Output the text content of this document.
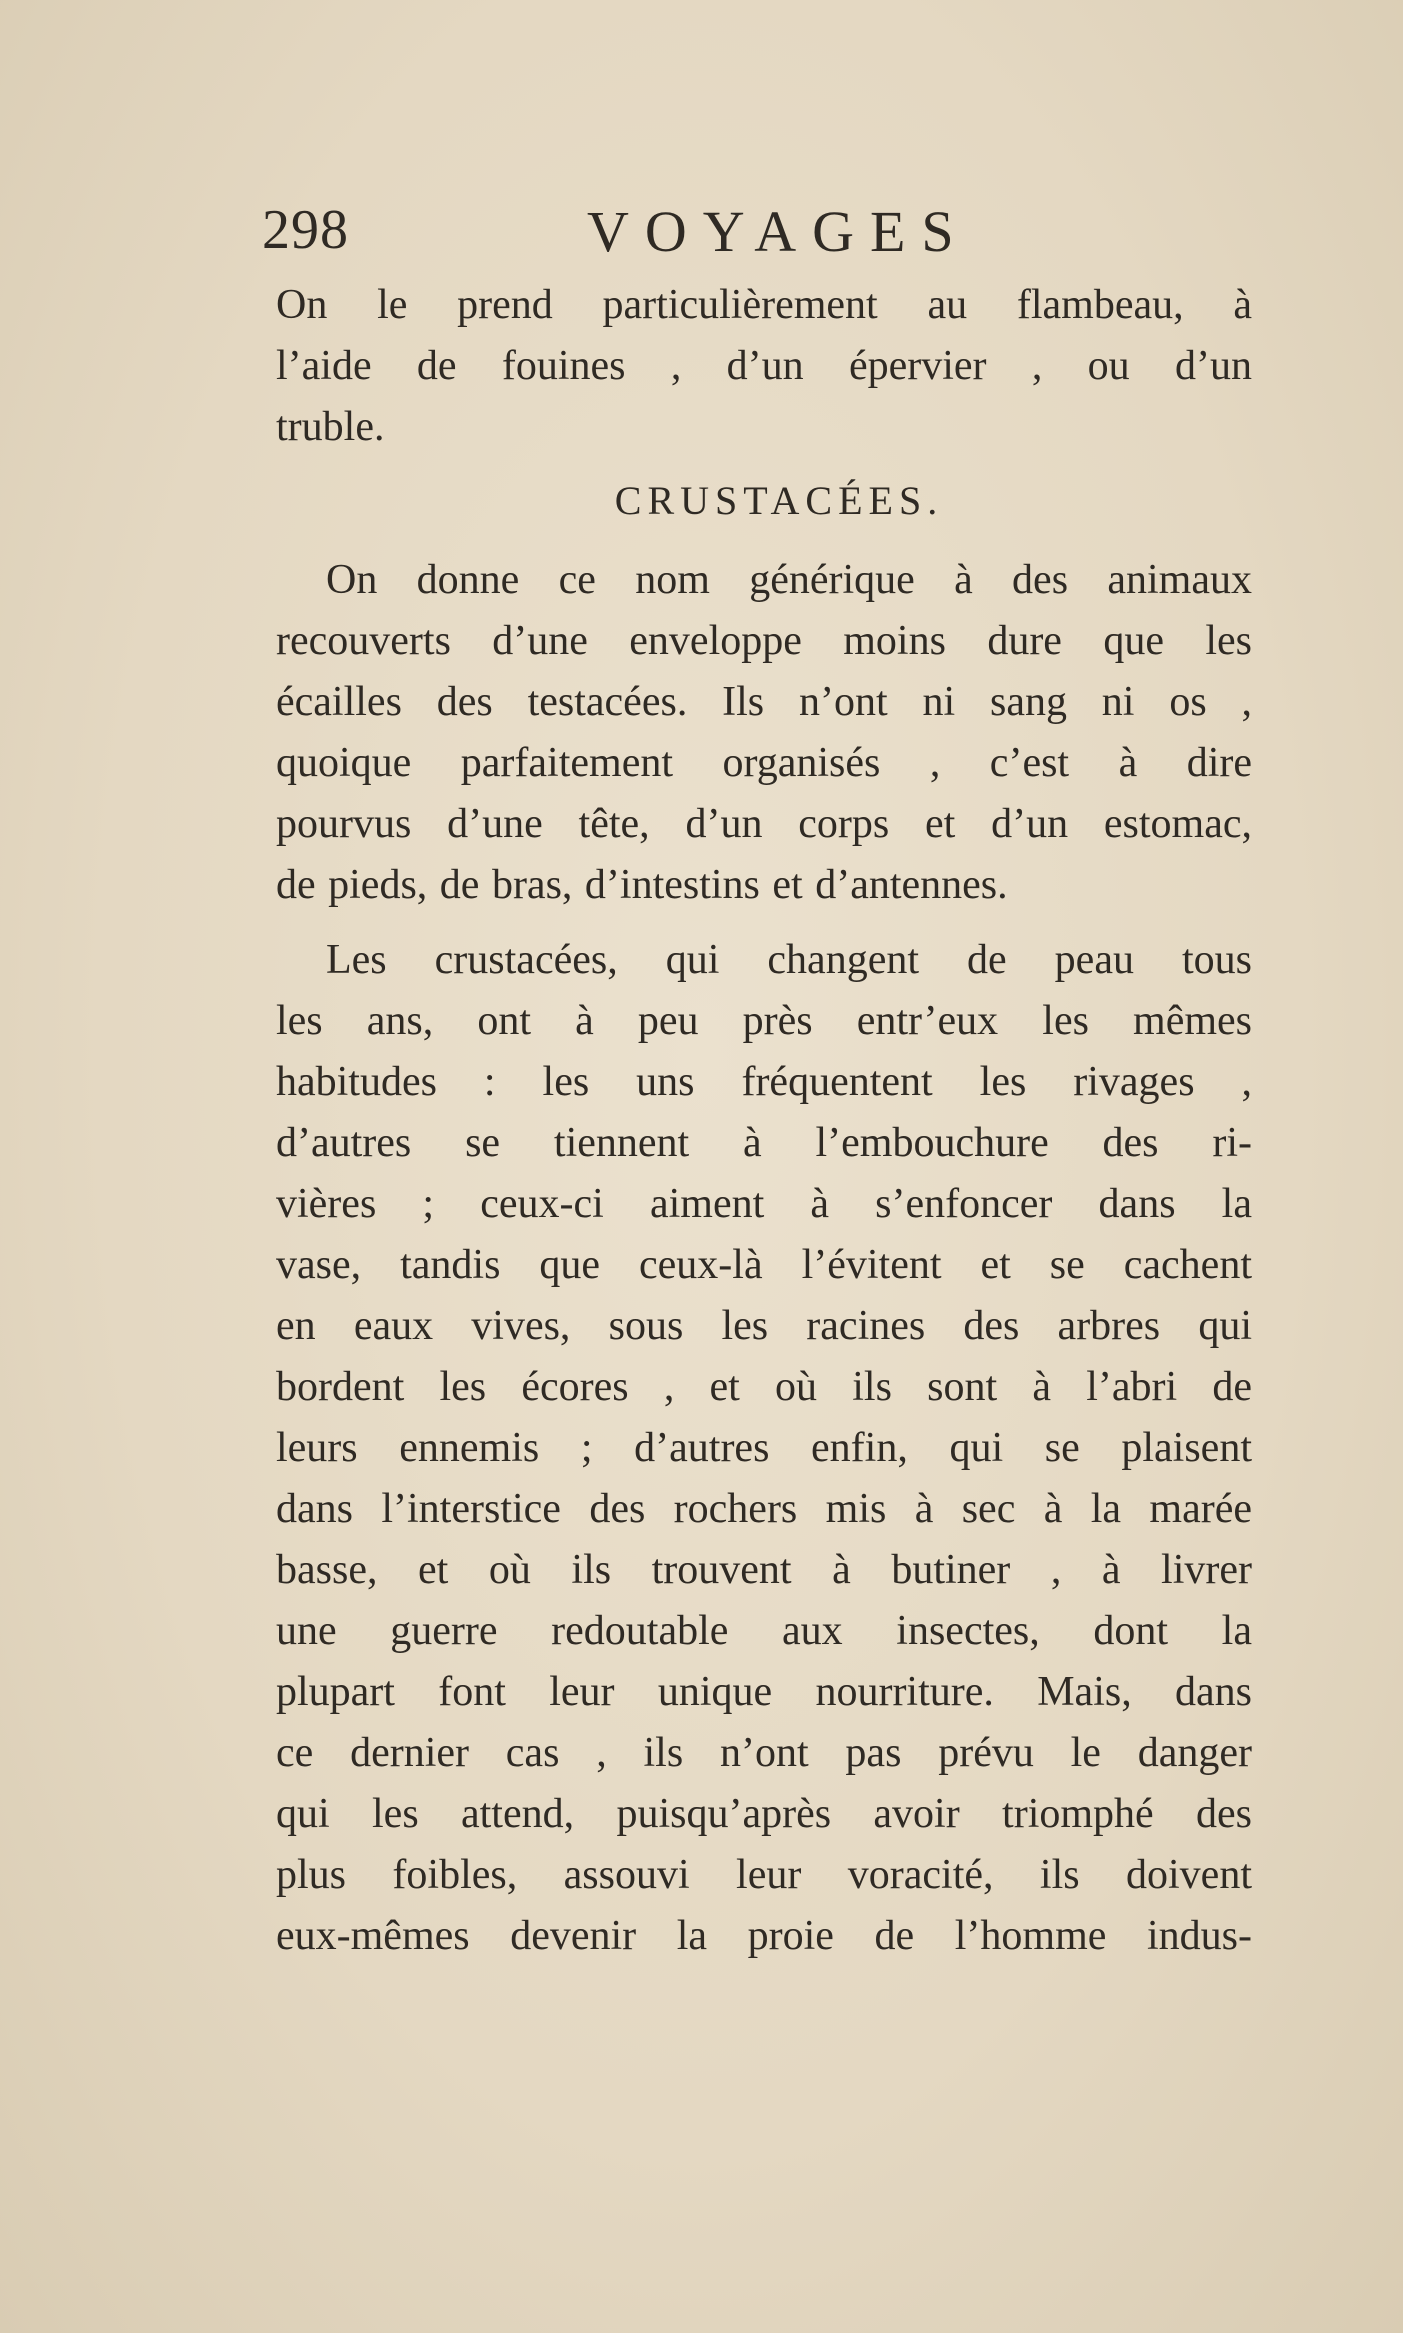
298	VOYAGES
On le prend particulièrement au flambeau, à
l’aide de fouines , d’un épervier , ou d’un
truble.
CRUSTACÉES.
On donne ce nom générique à des animaux
recouverts d’une enveloppe moins dure que les
écailles des testacées. Ils n’ont ni sang ni os ,
quoique parfaitement organisés , c’est à dire
pourvus d’une tête, d’un corps et d’un estomac,
de pieds, de bras, d’intestins et d’antennes.
Les crustacées, qui changent de peau tous
les ans, ont à peu près entr’eux les mêmes
habitudes : les uns fréquentent les rivages ,
d’autres se tiennent à l’embouchure des ri-
vières ; ceux-ci aiment à s’enfoncer dans la
vase, tandis que ceux-là l’évitent et se cachent
en eaux vives, sous les racines des arbres qui
bordent les écores , et où ils sont à l’abri de
leurs ennemis ; d’autres enfin, qui se plaisent
dans l’interstice des rochers mis à sec à la marée
basse, et où ils trouvent à butiner , à livrer
une guerre redoutable aux insectes, dont la
plupart font leur unique nourriture. Mais, dans
ce dernier cas , ils n’ont pas prévu le danger
qui les attend, puisqu’après avoir triomphé des
plus foibles, assouvi leur voracité, ils doivent
eux-mêmes devenir la proie de l’homme indus-
